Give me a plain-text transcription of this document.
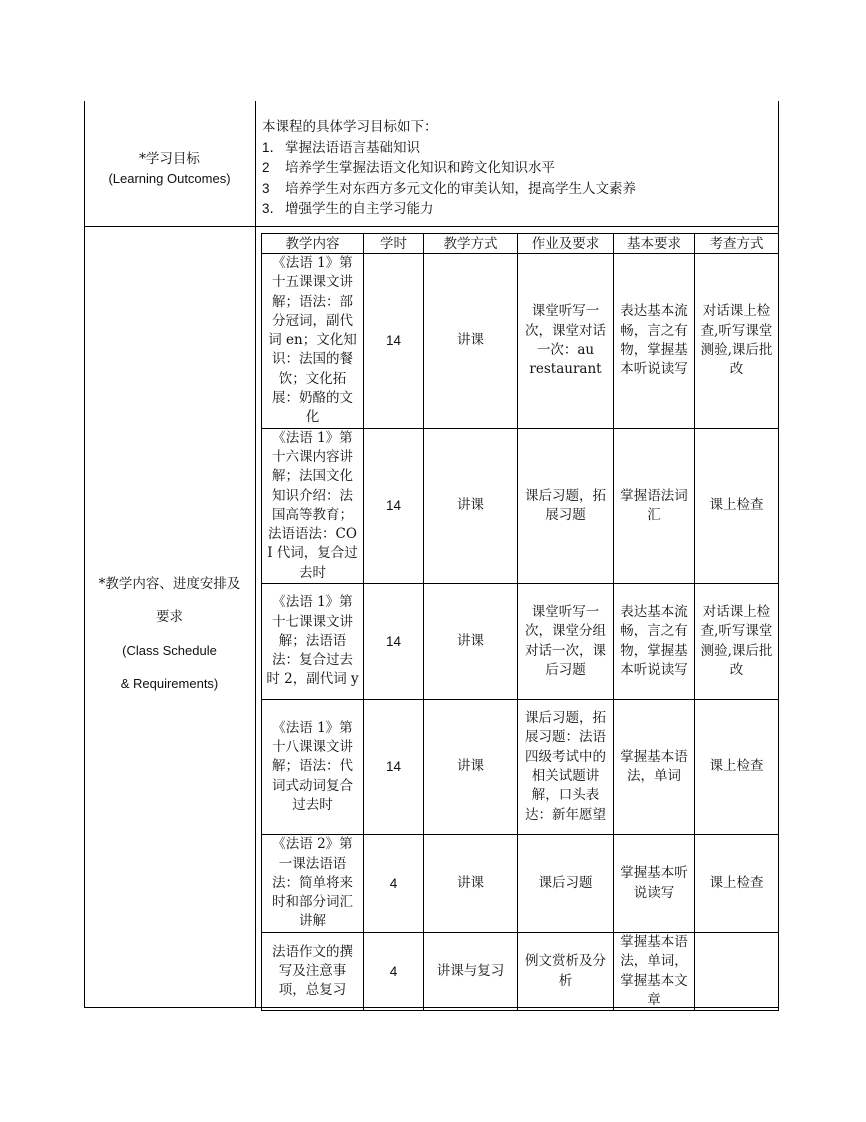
*学习目标
(Learning Outcomes)
本课程的具体学习目标如下：
1． 掌握法语语言基础知识
2 培养学生掌握法语文化知识和跨文化知识水平
3 培养学生对东西方多元文化的审美认知，提高学生人文素养
3． 增强学生的自主学习能力
*教学内容、进度安排及
要求
(Class Schedule
& Requirements)
教学内容	学时	教学方式	作业及要求	基本要求	考查方式
《法语 1》第十五课课文讲解；语法：部分冠词，副代词 en；文化知识：法国的餐饮；文化拓展：奶酪的文化	14	讲课	课堂听写一次，课堂对话一次：au restaurant	表达基本流畅，言之有物，掌握基本听说读写	对话课上检查,听写课堂测验,课后批改
《法语 1》第十六课内容讲解；法国文化知识介绍：法国高等教育；法语语法：COI 代词，复合过去时	14	讲课	课后习题，拓展习题	掌握语法词汇	课上检查
《法语 1》第十七课课文讲解；法语语法：复合过去时 2，副代词 y	14	讲课	课堂听写一次，课堂分组对话一次，课后习题	表达基本流畅，言之有物，掌握基本听说读写	对话课上检查,听写课堂测验,课后批改
《法语 1》第十八课课文讲解；语法：代词式动词复合过去时	14	讲课	课后习题，拓展习题：法语四级考试中的相关试题讲解，口头表达：新年愿望	掌握基本语法，单词	课上检查
《法语 2》第一课法语语法：简单将来时和部分词汇讲解	4	讲课	课后习题	掌握基本听说读写	课上检查
法语作文的撰写及注意事项，总复习	4	讲课与复习	例文赏析及分析	掌握基本语法，单词，掌握基本文章	
